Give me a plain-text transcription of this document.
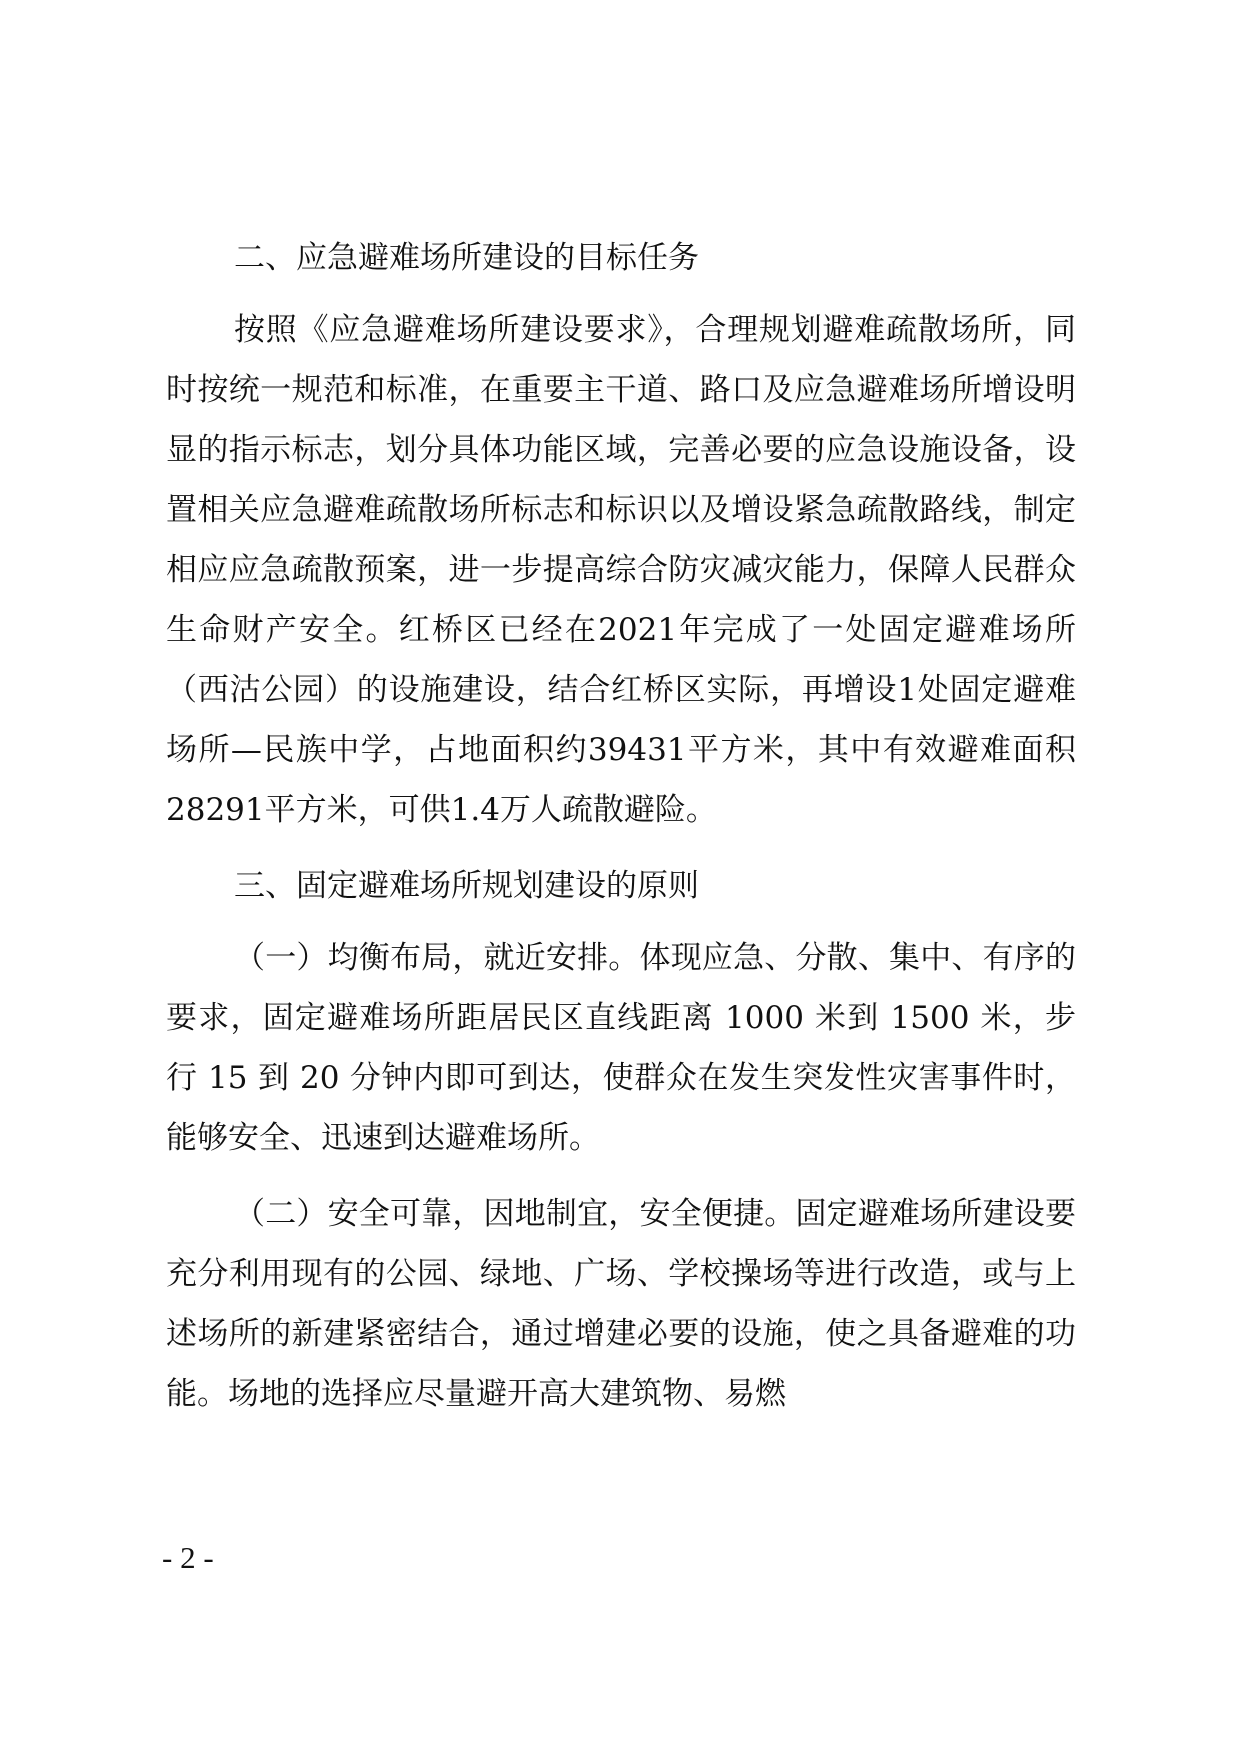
二、应急避难场所建设的目标任务

按照《应急避难场所建设要求》，合理规划避难疏散场所，同时按统一规范和标准，在重要主干道、路口及应急避难场所增设明显的指示标志，划分具体功能区域，完善必要的应急设施设备，设置相关应急避难疏散场所标志和标识以及增设紧急疏散路线，制定相应应急疏散预案，进一步提高综合防灾减灾能力，保障人民群众生命财产安全。红桥区已经在2021年完成了一处固定避难场所（西沽公园）的设施建设，结合红桥区实际，再增设1处固定避难场所—民族中学，占地面积约39431平方米，其中有效避难面积28291平方米，可供1.4万人疏散避险。

三、固定避难场所规划建设的原则

（一）均衡布局，就近安排。体现应急、分散、集中、有序的要求，固定避难场所距居民区直线距离 1000 米到 1500 米，步行 15 到 20 分钟内即可到达，使群众在发生突发性灾害事件时，能够安全、迅速到达避难场所。

（二）安全可靠，因地制宜，安全便捷。固定避难场所建设要充分利用现有的公园、绿地、广场、学校操场等进行改造，或与上述场所的新建紧密结合，通过增建必要的设施，使之具备避难的功能。场地的选择应尽量避开高大建筑物、易燃

- 2 -
